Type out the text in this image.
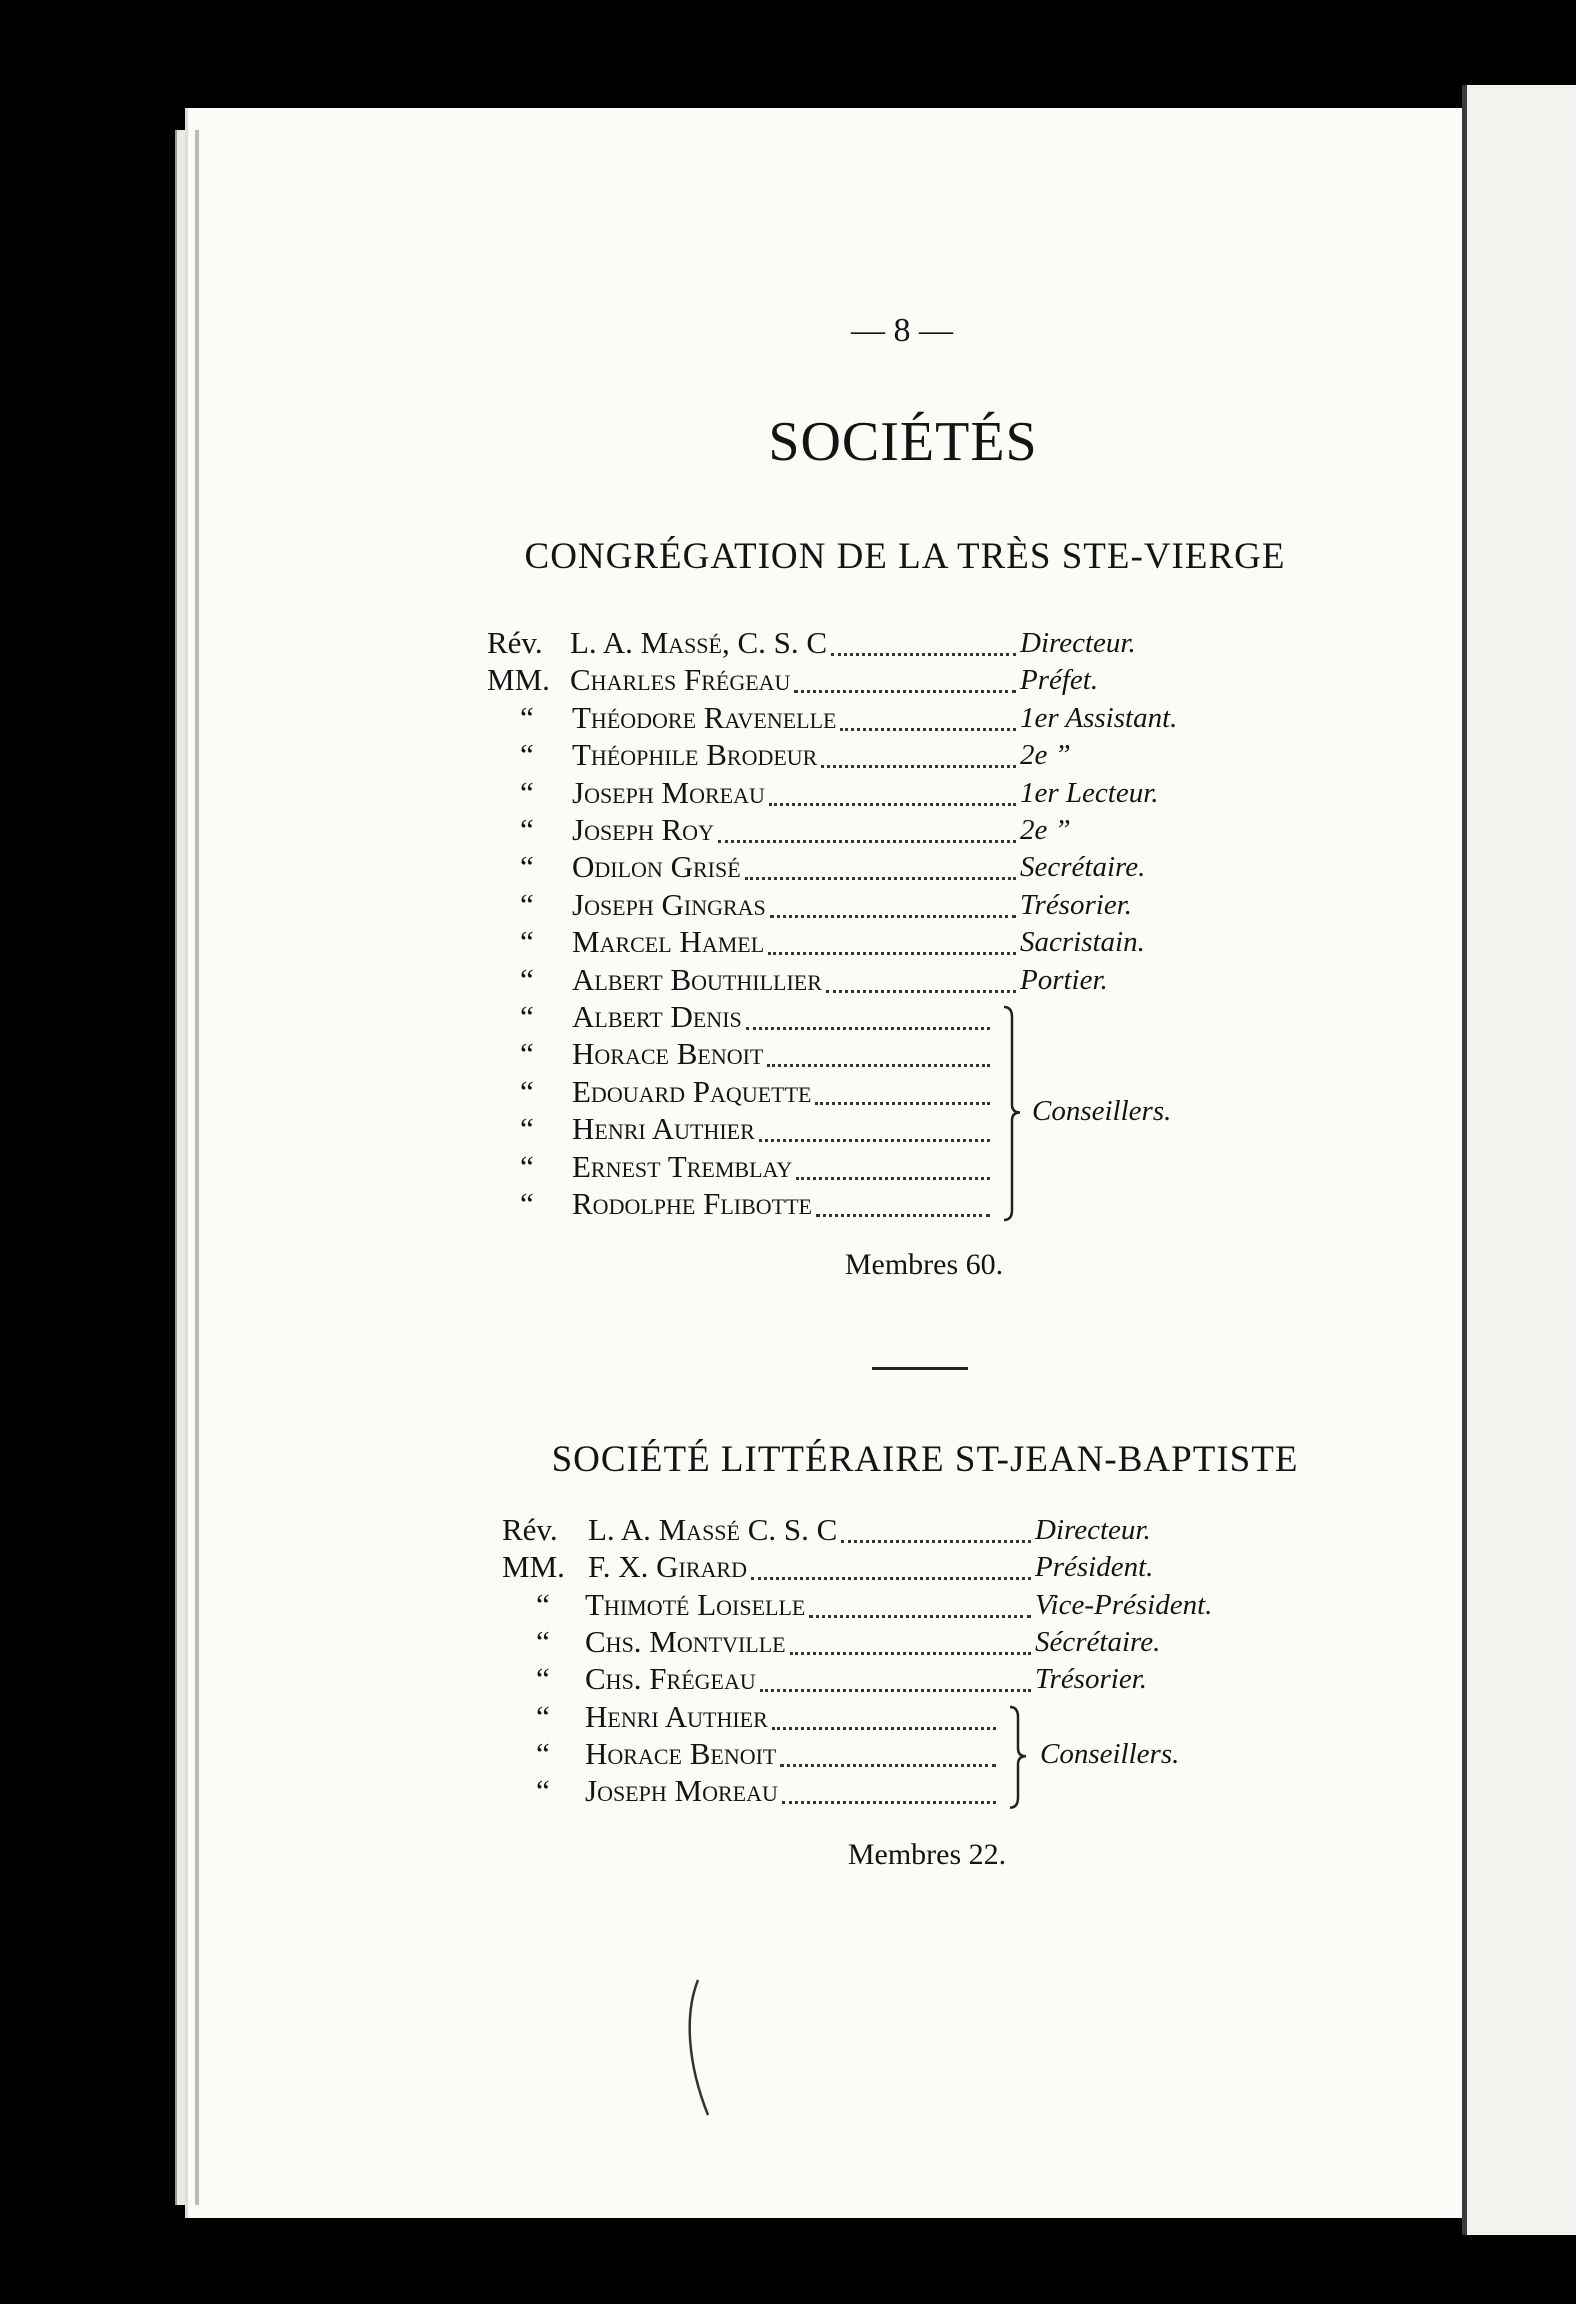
— 8 —
SOCIÉTÉS
CONGRÉGATION DE LA TRÈS STE-VIERGE
Rév. L. A. Massé, C. S. C	Directeur.
MM. Charles Frégeau	Préfet.
“ Théodore Ravenelle	1er Assistant.
“ Théophile Brodeur	2e ”
“ Joseph Moreau	1er Lecteur.
“ Joseph Roy	2e ”
“ Odilon Grisé	Secrétaire.
“ Joseph Gingras	Trésorier.
“ Marcel Hamel	Sacristain.
“ Albert Bouthillier	Portier.
“ Albert Denis
“ Horace Benoit
“ Edouard Paquette
“ Henri Authier
“ Ernest Tremblay
“ Rodolphe Flibotte
Conseillers.
Membres 60.
SOCIÉTÉ LITTÉRAIRE ST-JEAN-BAPTISTE
Rév. L. A. Massé C. S. C	Directeur.
MM. F. X. Girard	Président.
“ Thimoté Loiselle	Vice-Président.
“ Chs. Montville	Sécrétaire.
“ Chs. Frégeau	Trésorier.
“ Henri Authier
“ Horace Benoit
“ Joseph Moreau
Conseillers.
Membres 22.
